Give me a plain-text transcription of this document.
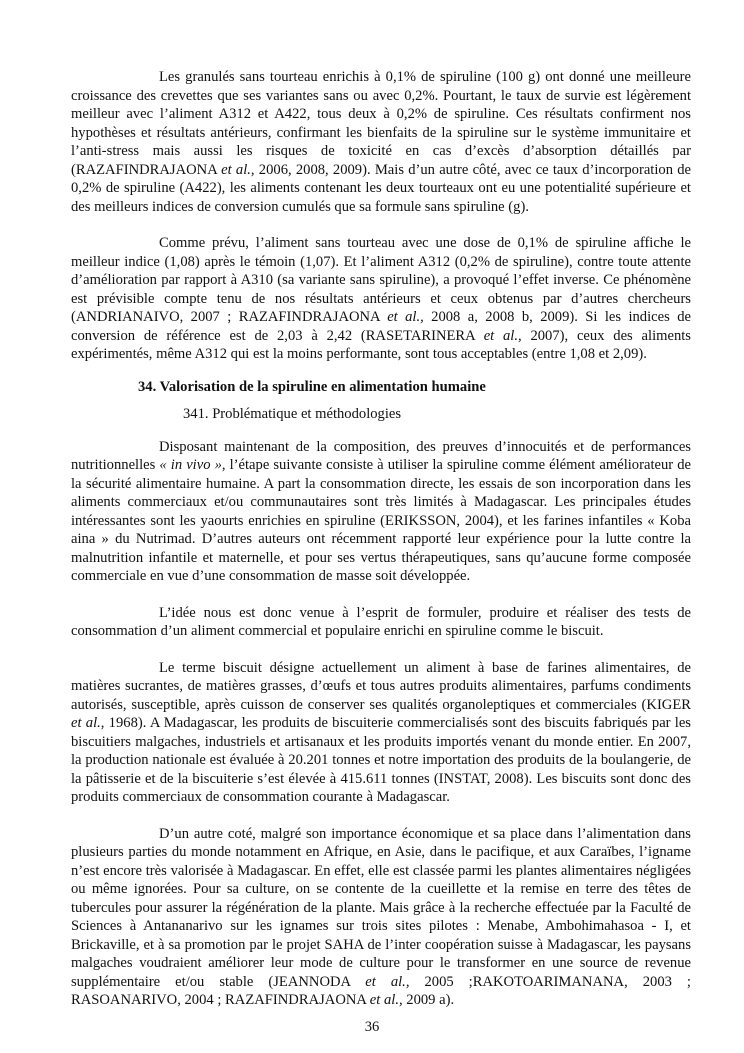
Les granulés sans tourteau enrichis à 0,1% de spiruline (100 g) ont donné une meilleure croissance des crevettes que ses variantes sans ou avec 0,2%. Pourtant, le taux de survie est légèrement meilleur avec l’aliment A312 et A422, tous deux à 0,2% de spiruline. Ces résultats confirment nos hypothèses et résultats antérieurs, confirmant les bienfaits de la spiruline sur le système immunitaire et l’anti-stress mais aussi les risques de toxicité en cas d’excès d’absorption détaillés par (RAZAFINDRAJAONA et al., 2006, 2008, 2009). Mais d’un autre côté, avec ce taux d’incorporation de 0,2% de spiruline (A422), les aliments contenant les deux tourteaux ont eu une potentialité supérieure et des meilleurs indices de conversion cumulés que sa formule sans spiruline (g).

Comme prévu, l’aliment sans tourteau avec une dose de 0,1% de spiruline affiche le meilleur indice (1,08) après le témoin (1,07). Et l’aliment A312 (0,2% de spiruline), contre toute attente d’amélioration par rapport à A310 (sa variante sans spiruline), a provoqué l’effet inverse. Ce phénomène est prévisible compte tenu de nos résultats antérieurs et ceux obtenus par d’autres chercheurs (ANDRIANAIVO, 2007 ; RAZAFINDRAJAONA et al., 2008 a, 2008 b, 2009). Si les indices de conversion de référence est de 2,03 à 2,42 (RASETARINERA et al., 2007), ceux des aliments expérimentés, même A312 qui est la moins performante, sont tous acceptables (entre 1,08 et 2,09).

34. Valorisation de la spiruline en alimentation humaine
341. Problématique et méthodologies

Disposant maintenant de la composition, des preuves d’innocuités et de performances nutritionnelles « in vivo », l’étape suivante consiste à utiliser la spiruline comme élément améliorateur de la sécurité alimentaire humaine. A part la consommation directe, les essais de son incorporation dans les aliments commerciaux et/ou communautaires sont très limités à Madagascar. Les principales études intéressantes sont les yaourts enrichies en spiruline (ERIKSSON, 2004), et les farines infantiles « Koba aina » du Nutrimad. D’autres auteurs ont récemment rapporté leur expérience pour la lutte contre la malnutrition infantile et maternelle, et pour ses vertus thérapeutiques, sans qu’aucune forme composée commerciale en vue d’une consommation de masse soit développée.

L’idée nous est donc venue à l’esprit de formuler, produire et réaliser des tests de consommation d’un aliment commercial et populaire enrichi en spiruline comme le biscuit.

Le terme biscuit désigne actuellement un aliment à base de farines alimentaires, de matières sucrantes, de matières grasses, d’œufs et tous autres produits alimentaires, parfums condiments autorisés, susceptible, après cuisson de conserver ses qualités organoleptiques et commerciales (KIGER et al., 1968). A Madagascar, les produits de biscuiterie commercialisés sont des biscuits fabriqués par les biscuitiers malgaches, industriels et artisanaux et les produits importés venant du monde entier. En 2007, la production nationale est évaluée à 20.201 tonnes et notre importation des produits de la boulangerie, de la pâtisserie et de la biscuiterie s’est élevée à 415.611 tonnes (INSTAT, 2008). Les biscuits sont donc des produits commerciaux de consommation courante à Madagascar.

D’un autre coté, malgré son importance économique et sa place dans l’alimentation dans plusieurs parties du monde notamment en Afrique, en Asie, dans le pacifique, et aux Caraïbes, l’igname n’est encore très valorisée à Madagascar. En effet, elle est classée parmi les plantes alimentaires négligées ou même ignorées. Pour sa culture, on se contente de la cueillette et la remise en terre des têtes de tubercules pour assurer la régénération de la plante. Mais grâce à la recherche effectuée par la Faculté de Sciences à Antananarivo sur les ignames sur trois sites pilotes : Menabe, Ambohimahasoa - I, et Brickaville, et à sa promotion par le projet SAHA de l’inter coopération suisse à Madagascar, les paysans malgaches voudraient améliorer leur mode de culture pour le transformer en une source de revenue supplémentaire et/ou stable (JEANNODA et al., 2005 ;RAKOTOARIMANANA, 2003 ; RASOANARIVO, 2004 ; RAZAFINDRAJAONA et al., 2009 a).

36
